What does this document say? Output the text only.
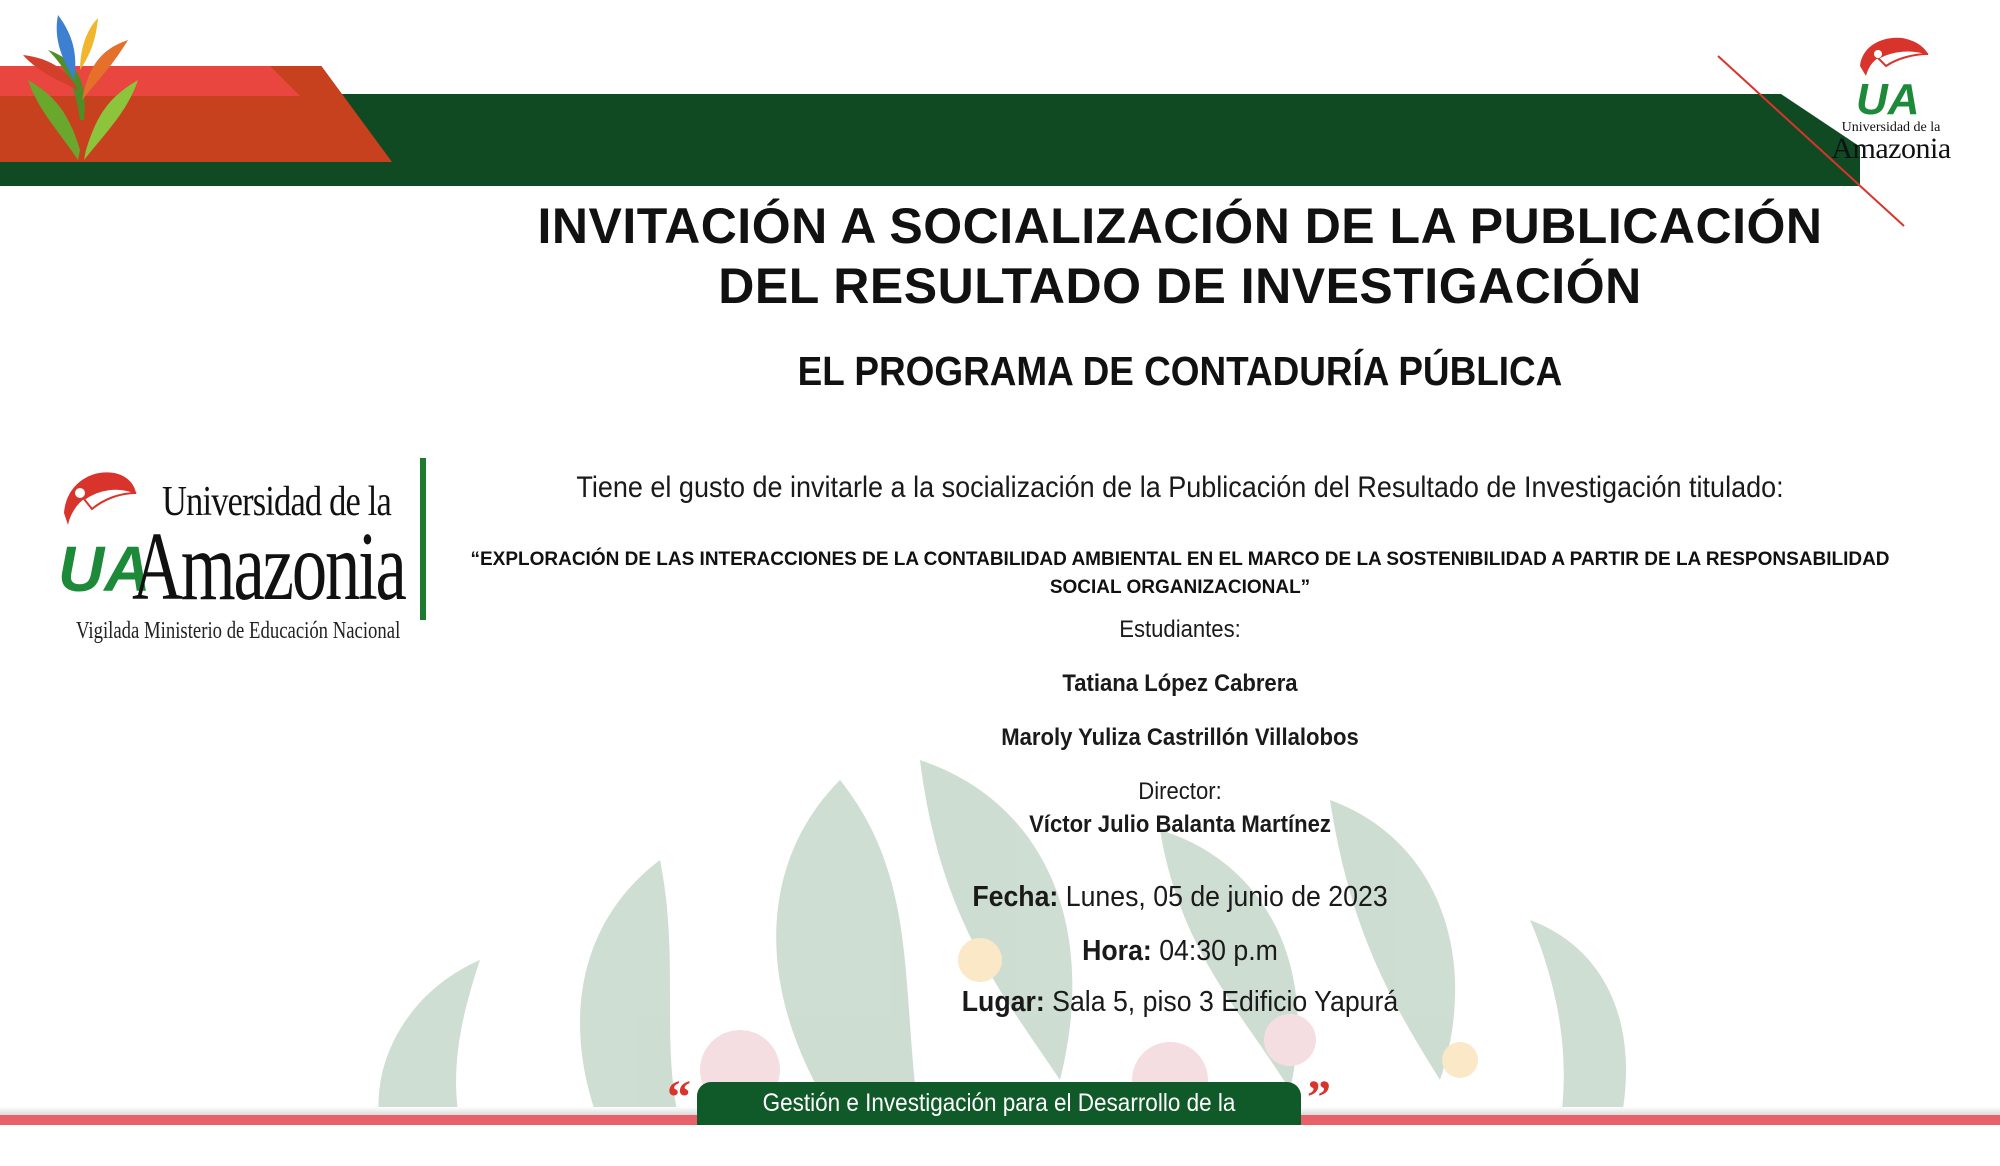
UA
Universidad de la
Amazonia
UA
Universidad de la
Amazonia
Vigilada Ministerio de Educación Nacional
INVITACIÓN A SOCIALIZACIÓN DE LA PUBLICACIÓN
DEL RESULTADO DE INVESTIGACIÓN
EL PROGRAMA DE CONTADURÍA PÚBLICA
Tiene el gusto de invitarle a la socialización de la Publicación del Resultado de Investigación titulado:
“EXPLORACIÓN DE LAS INTERACCIONES DE LA CONTABILIDAD AMBIENTAL EN EL MARCO DE LA SOSTENIBILIDAD A PARTIR DE LA RESPONSABILIDAD SOCIAL ORGANIZACIONAL”
Estudiantes:
Tatiana López Cabrera
Maroly Yuliza Castrillón Villalobos
Director:
Víctor Julio Balanta Martínez
Fecha: Lunes, 05 de junio de 2023
Hora: 04:30 p.m
Lugar: Sala 5, piso 3 Edificio Yapurá
“	Gestión e Investigación para el Desarrollo de la Amazonia
”
